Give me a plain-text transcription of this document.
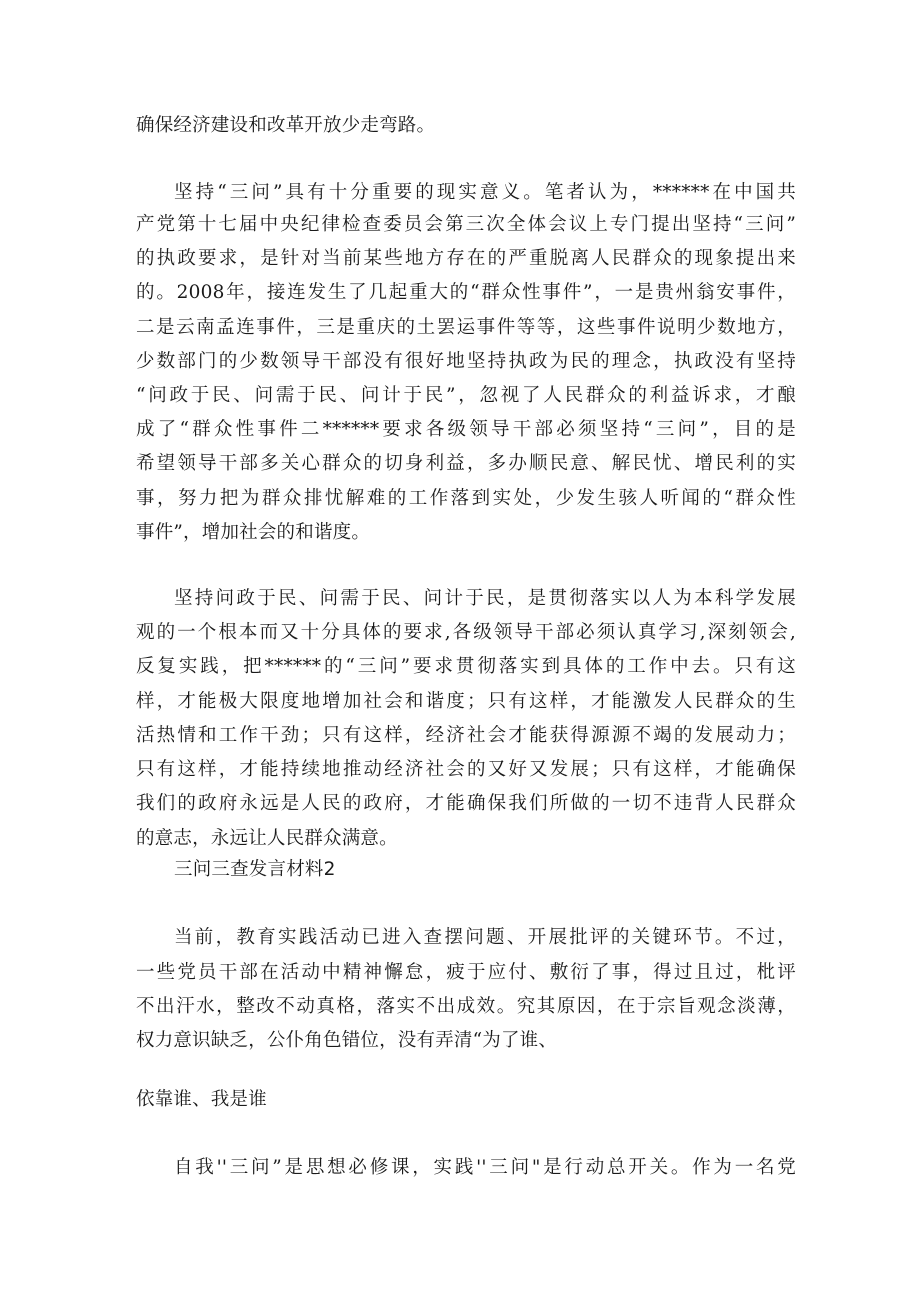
确保经济建设和改革开放少走弯路。
坚持“三问”具有十分重要的现实意义。笔者认为，******在中国共
产党第十七届中央纪律检查委员会第三次全体会议上专门提出坚持“三问”
的执政要求，是针对当前某些地方存在的严重脱离人民群众的现象提出来
的。2008年，接连发生了几起重大的“群众性事件”，一是贵州翁安事件，
二是云南孟连事件，三是重庆的土罢运事件等等，这些事件说明少数地方，
少数部门的少数领导干部没有很好地坚持执政为民的理念，执政没有坚持
“问政于民、问需于民、问计于民”，忽视了人民群众的利益诉求，才酿
成了“群众性事件二******要求各级领导干部必须坚持“三问”，目的是
希望领导干部多关心群众的切身利益，多办顺民意、解民忧、增民利的实
事，努力把为群众排忧解难的工作落到实处，少发生骇人听闻的“群众性
事件”，增加社会的和谐度。
坚持问政于民、问需于民、问计于民，是贯彻落实以人为本科学发展
观的一个根本而又十分具体的要求,各级领导干部必须认真学习,深刻领会,
反复实践，把******的“三问”要求贯彻落实到具体的工作中去。只有这
样，才能极大限度地增加社会和谐度；只有这样，才能激发人民群众的生
活热情和工作干劲；只有这样，经济社会才能获得源源不竭的发展动力；
只有这样，才能持续地推动经济社会的又好又发展；只有这样，才能确保
我们的政府永远是人民的政府，才能确保我们所做的一切不违背人民群众
的意志，永远让人民群众满意。
三问三查发言材料2
当前，教育实践活动已进入查摆问题、开展批评的关键环节。不过，
一些党员干部在活动中精神懈怠，疲于应付、敷衍了事，得过且过，枇评
不出汗水，整改不动真格，落实不出成效。究其原因，在于宗旨观念淡薄，
权力意识缺乏，公仆角色错位，没有弄清“为了谁、
依靠谁、我是谁
自我''三问”是思想必修课，实践''三问"是行动总开关。作为一名党
